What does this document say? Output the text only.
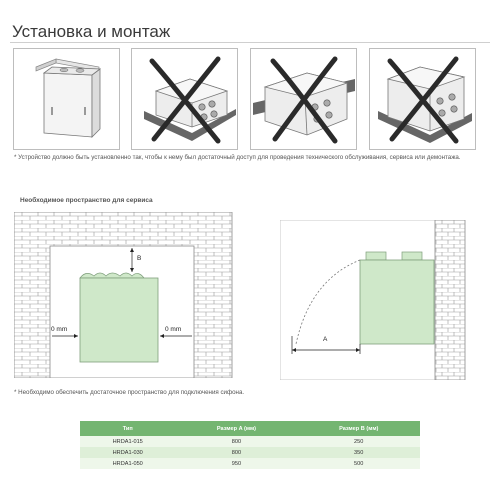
Установка и монтаж
* Устройство должно быть установленно так, чтобы к нему был достаточный доступ для проведения технического обслуживания, сервиса или демонтажа.
Необходимое пространство для сервиса
B
0 mm	0 mm
A
* Необходимо обеспечить достаточное пространство для подключения сифона.
Тип	Размер A (мм)	Размер B (мм)
HRDA1-015	800	250
HRDA1-030	800	350
HRDA1-050	950	500
